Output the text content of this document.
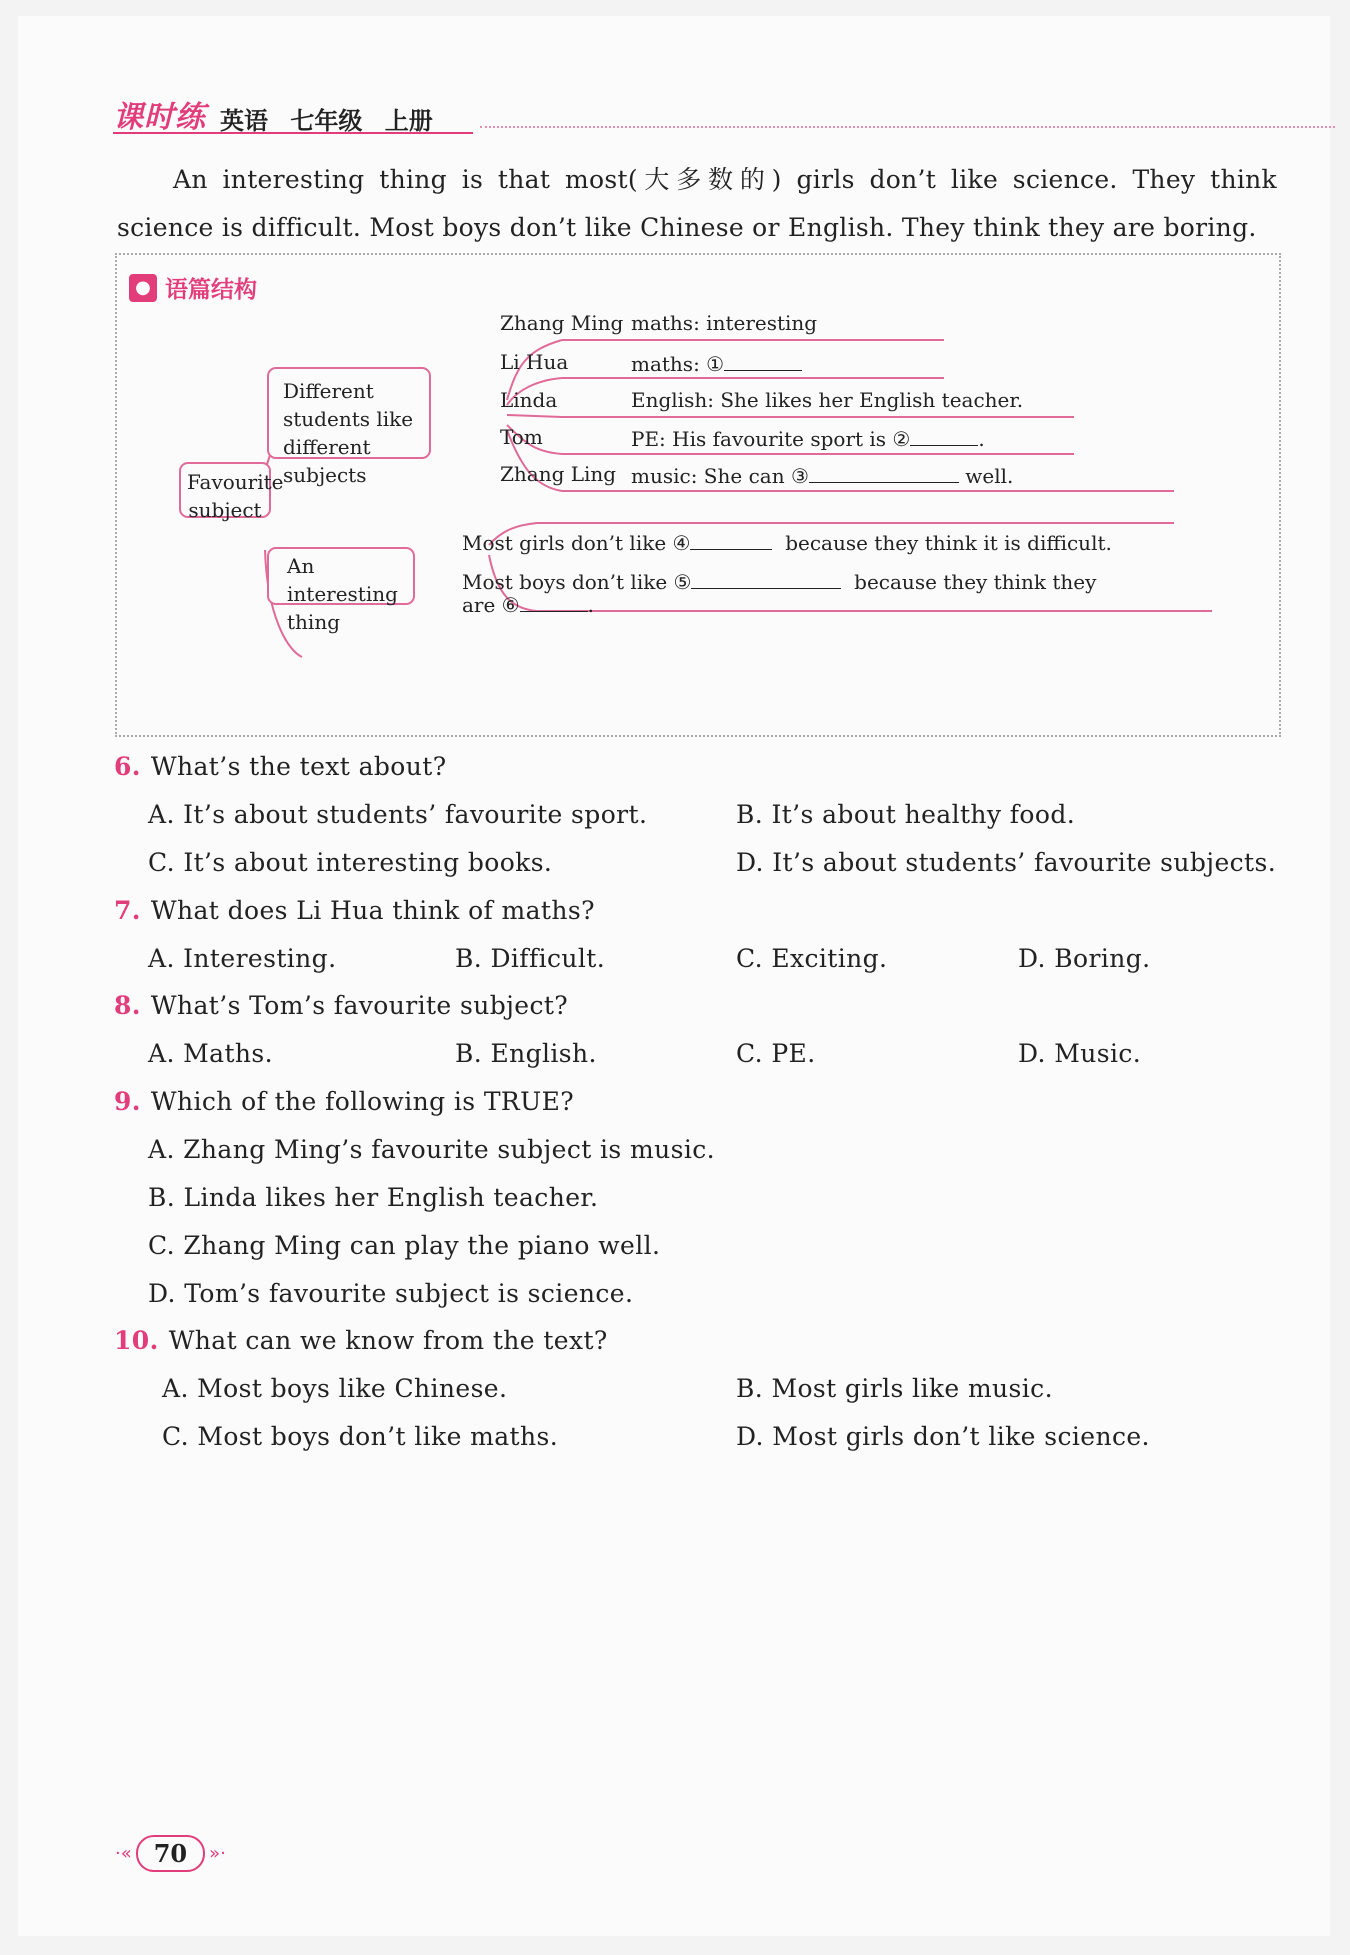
课时练 英语 七年级 上册
An interesting thing is that most(大多数的) girls don’t like science. They think science is difficult. Most boys don’t like Chinese or English. They think they are boring.
● 语篇结构
Favourite subject
Different students like different subjects
An interesting thing
Zhang Ming maths: interesting
Li Hua	maths: ①
Linda	English: She likes her English teacher.
Tom	PE: His favourite sport is ②	.
Zhang Ling music: She can ③	well.
Most girls don’t like ④	because they think it is difficult.
Most boys don’t like ⑤	because they think they
are ⑥	.
6. What’s the text about?
A. It’s about students’ favourite sport.	B. It’s about healthy food.
C. It’s about interesting books.	D. It’s about students’ favourite subjects.
7. What does Li Hua think of maths?
A. Interesting.	B. Difficult.	C. Exciting.	D. Boring.
8. What’s Tom’s favourite subject?
A. Maths.	B. English.	C. PE.	D. Music.
9. Which of the following is TRUE?
A. Zhang Ming’s favourite subject is music.
B. Linda likes her English teacher.
C. Zhang Ming can play the piano well.
D. Tom’s favourite subject is science.
10. What can we know from the text?
A. Most boys like Chinese.	B. Most girls like music.
C. Most boys don’t like maths.	D. Most girls don’t like science.
·« 70	»·
